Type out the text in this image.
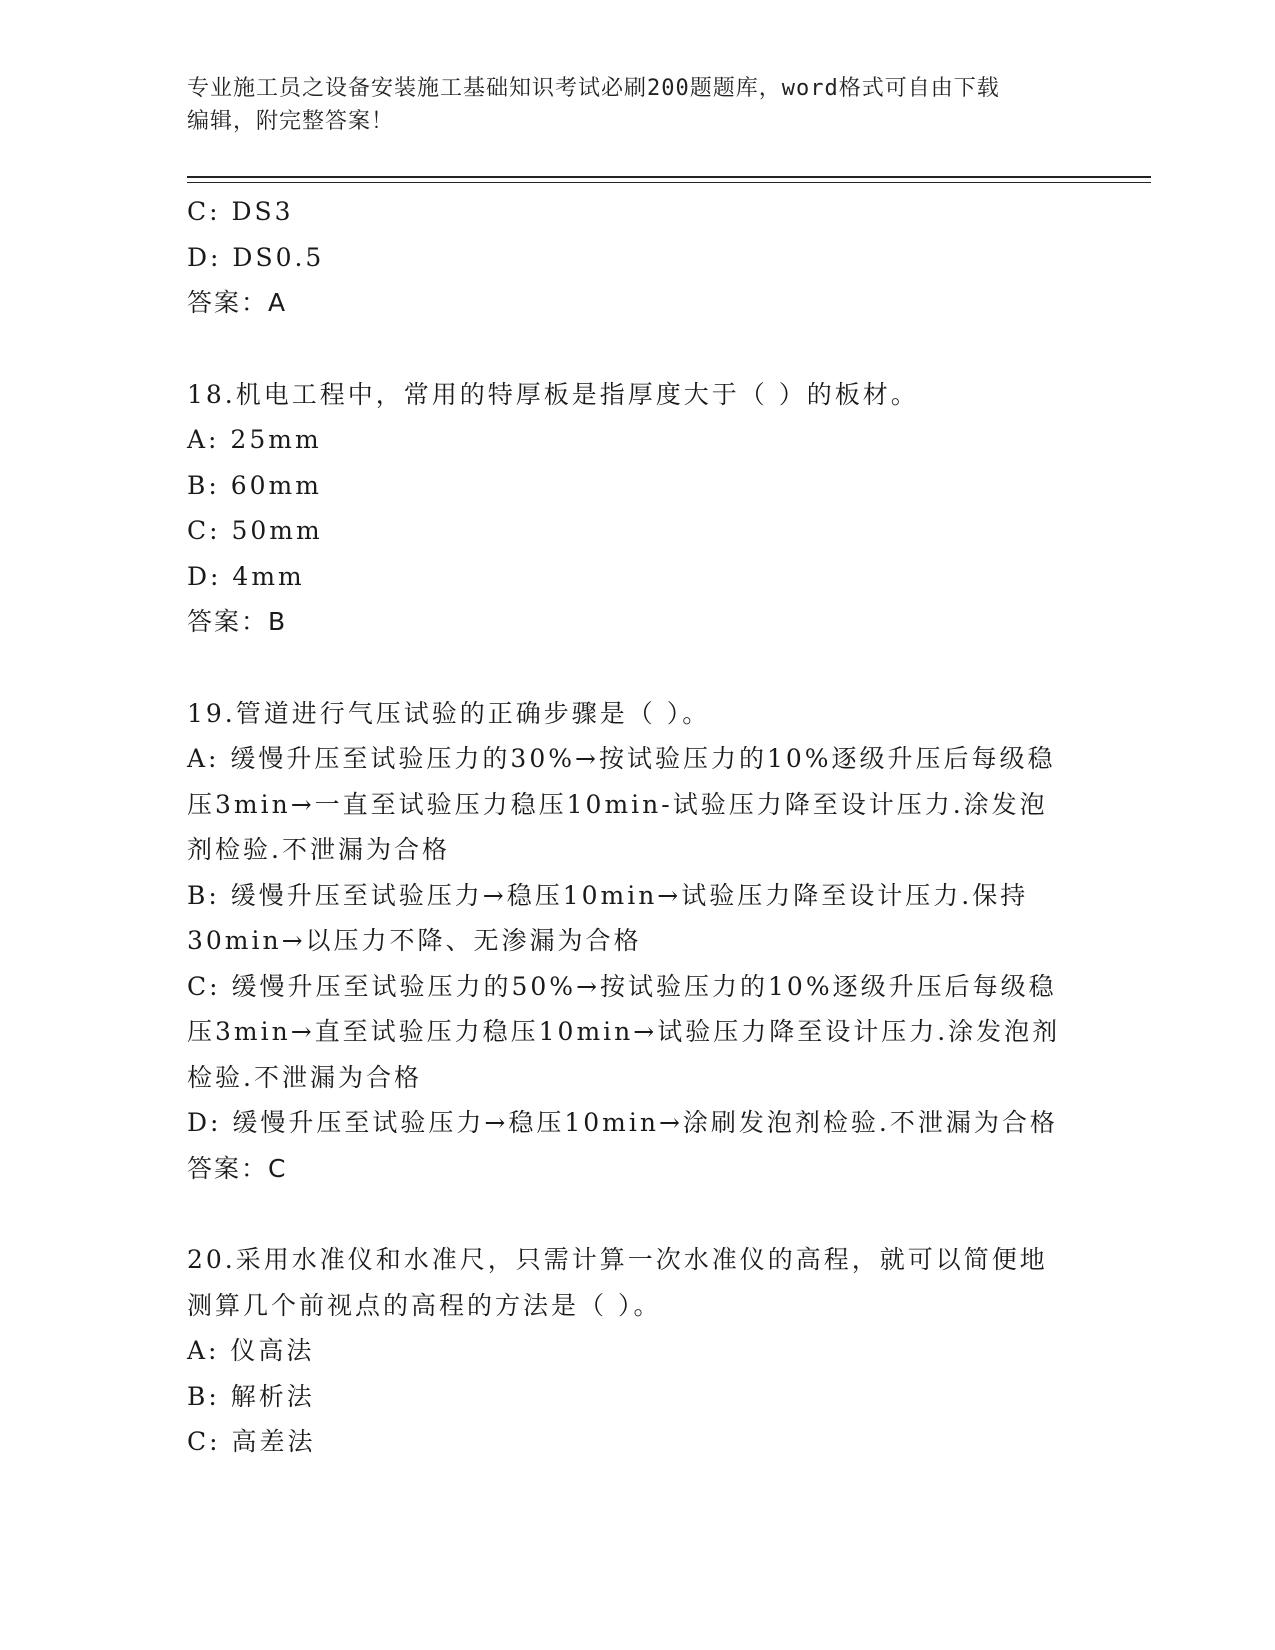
专业施工员之设备安装施工基础知识考试必刷200题题库，word格式可自由下载
编辑，附完整答案！
C: DS3
D: DS0.5
答案：A
18.机电工程中，常用的特厚板是指厚度大于（ ）的板材。
A: 25mm
B: 60mm
C: 50mm
D: 4mm
答案：B
19.管道进行气压试验的正确步骤是（ ）。
A: 缓慢升压至试验压力的30%→按试验压力的10%逐级升压后每级稳
压3min→一直至试验压力稳压10min-试验压力降至设计压力.涂发泡
剂检验.不泄漏为合格
B: 缓慢升压至试验压力→稳压10min→试验压力降至设计压力.保持
30min→以压力不降、无渗漏为合格
C: 缓慢升压至试验压力的50%→按试验压力的10%逐级升压后每级稳
压3min→直至试验压力稳压10min→试验压力降至设计压力.涂发泡剂
检验.不泄漏为合格
D: 缓慢升压至试验压力→稳压10min→涂刷发泡剂检验.不泄漏为合格
答案：C
20.采用水准仪和水准尺，只需计算一次水准仪的高程，就可以简便地
测算几个前视点的高程的方法是（ ）。
A: 仪高法
B: 解析法
C: 高差法
